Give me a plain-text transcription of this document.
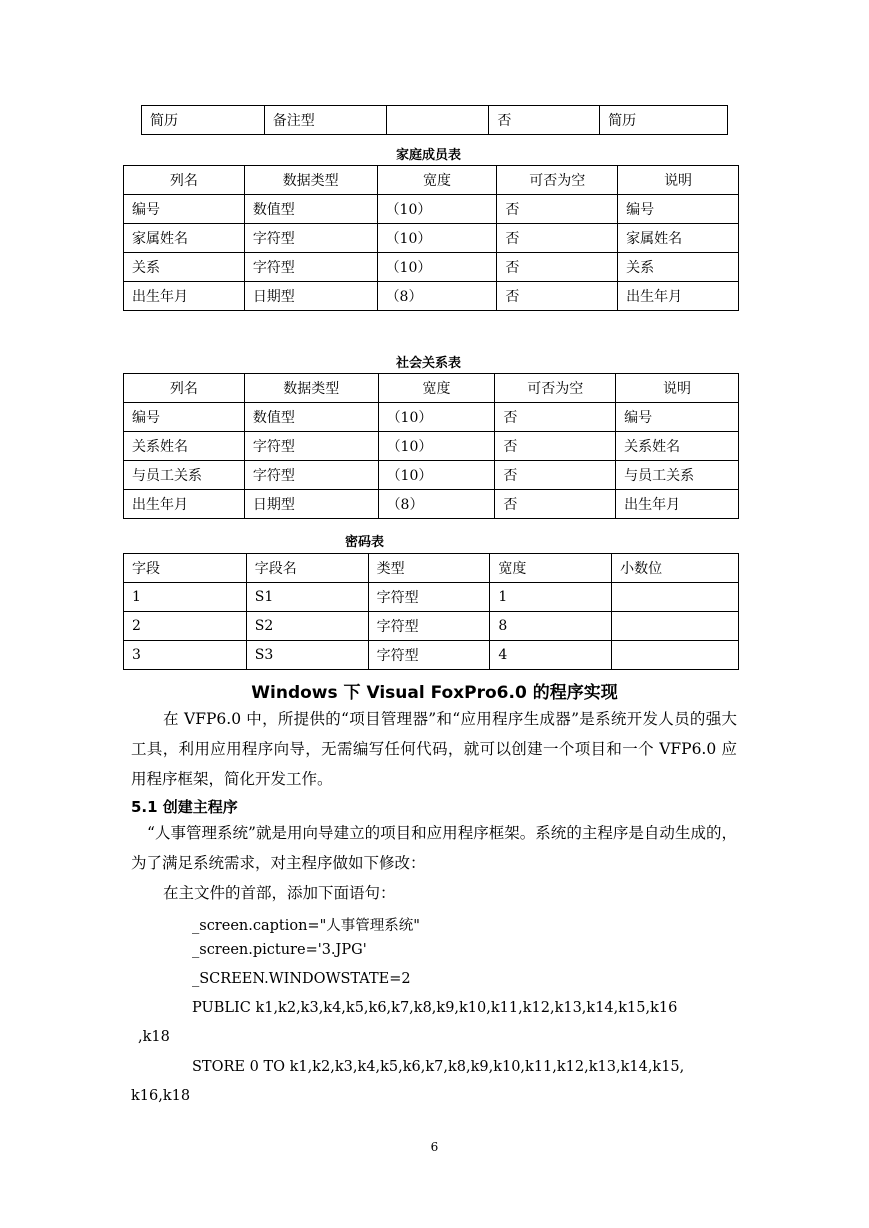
简历	备注型		否	简历
家庭成员表
列名	数据类型	宽度	可否为空	说明
编号	数值型	（10）	否	编号
家属姓名	字符型	（10）	否	家属姓名
关系	字符型	（10）	否	关系
出生年月	日期型	（8）	否	出生年月
社会关系表
列名	数据类型	宽度	可否为空	说明
编号	数值型	（10）	否	编号
关系姓名	字符型	（10）	否	关系姓名
与员工关系	字符型	（10）	否	与员工关系
出生年月	日期型	（8）	否	出生年月
密码表
字段	字段名	类型	宽度	小数位
1	S1	字符型	1	
2	S2	字符型	8	
3	S3	字符型	4	
Windows 下 Visual FoxPro6.0 的程序实现
在 VFP6.0 中，所提供的“项目管理器”和“应用程序生成器”是系统开发人员的强大工具，利用应用程序向导，无需编写任何代码，就可以创建一个项目和一个 VFP6.0 应用程序框架，简化开发工作。
5.1 创建主程序
“人事管理系统”就是用向导建立的项目和应用程序框架。系统的主程序是自动生成的，为了满足系统需求，对主程序做如下修改：
在主文件的首部，添加下面语句：
_screen.caption="人事管理系统"
_screen.picture='3.JPG'
_SCREEN.WINDOWSTATE=2
PUBLIC k1,k2,k3,k4,k5,k6,k7,k8,k9,k10,k11,k12,k13,k14,k15,k16
,k18
STORE 0 TO k1,k2,k3,k4,k5,k6,k7,k8,k9,k10,k11,k12,k13,k14,k15,
k16,k18
6
